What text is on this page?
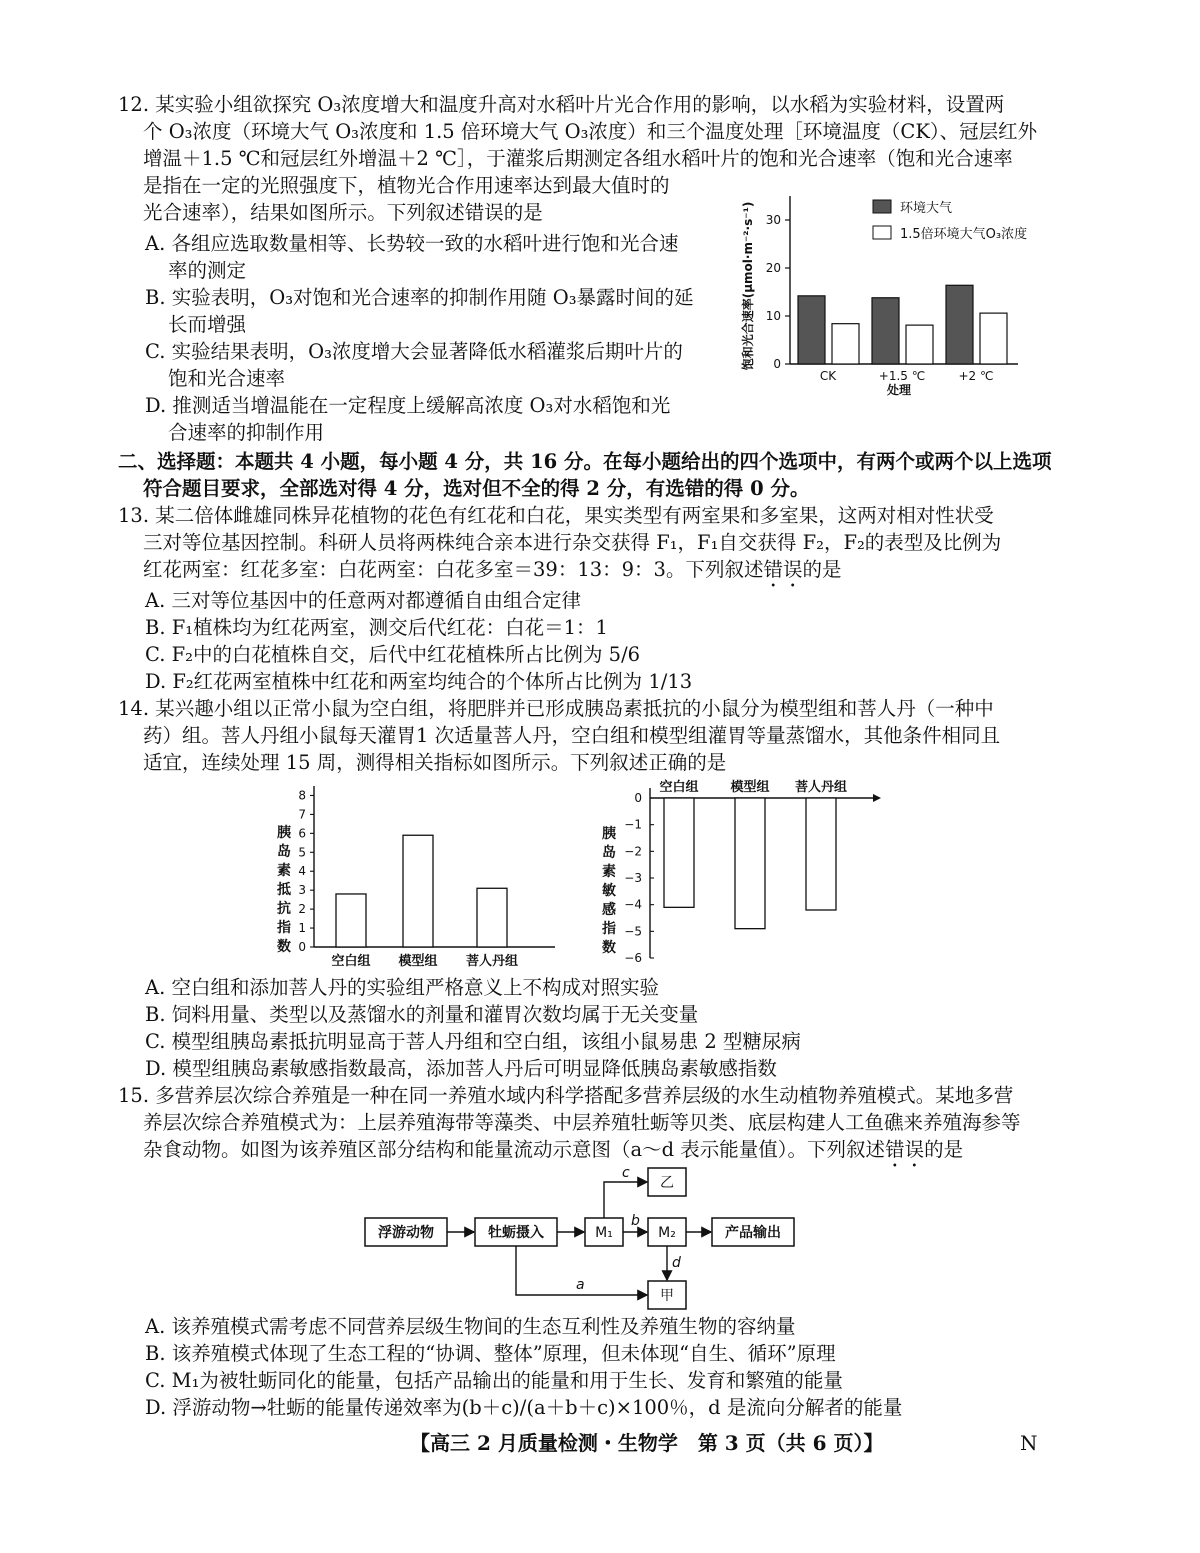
12. 某实验小组欲探究 O₃浓度增大和温度升高对水稻叶片光合作用的影响，以水稻为实验材料，设置两
个 O₃浓度（环境大气 O₃浓度和 1.5 倍环境大气 O₃浓度）和三个温度处理［环境温度（CK）、冠层红外
增温＋1.5 ℃和冠层红外增温＋2 ℃］，于灌浆后期测定各组水稻叶片的饱和光合速率（饱和光合速率
是指在一定的光照强度下，植物光合作用速率达到最大值时的
光合速率），结果如图所示。下列叙述错误的是
A. 各组应选取数量相等、长势较一致的水稻叶进行饱和光合速
率的测定
B. 实验表明，O₃对饱和光合速率的抑制作用随 O₃暴露时间的延
长而增强
C. 实验结果表明，O₃浓度增大会显著降低水稻灌浆后期叶片的
饱和光合速率
D. 推测适当增温能在一定程度上缓解高浓度 O₃对水稻饱和光
合速率的抑制作用
饱和光合速率(μmol·m⁻²·s⁻¹) 0
10
20
30
CK	+1.5 ℃	+2 ℃
处理
环境大气
1.5倍环境大气O₃浓度
二、选择题：本题共 4 小题，每小题 4 分，共 16 分。在每小题给出的四个选项中，有两个或两个以上选项
符合题目要求，全部选对得 4 分，选对但不全的得 2 分，有选错的得 0 分。
13. 某二倍体雌雄同株异花植物的花色有红花和白花，果实类型有两室果和多室果，这两对相对性状受
三对等位基因控制。科研人员将两株纯合亲本进行杂交获得 F₁，F₁自交获得 F₂，F₂的表型及比例为
红花两室：红花多室：白花两室：白花多室＝39：13：9：3。下列叙述错误的是
A. 三对等位基因中的任意两对都遵循自由组合定律
B. F₁植株均为红花两室，测交后代红花：白花＝1：1
C. F₂中的白花植株自交，后代中红花植株所占比例为 5/6
D. F₂红花两室植株中红花和两室均纯合的个体所占比例为 1/13
14. 某兴趣小组以正常小鼠为空白组，将肥胖并已形成胰岛素抵抗的小鼠分为模型组和菩人丹（一种中
药）组。菩人丹组小鼠每天灌胃1 次适量菩人丹，空白组和模型组灌胃等量蒸馏水，其他条件相同且
适宜，连续处理 15 周，测得相关指标如图所示。下列叙述正确的是
胰岛素抵抗指数 0
1
2
3
4
5
6
7
8
空白组 模型组 菩人丹组
胰岛素敏感指数
0
−1
−2
−3
−4
−5
−6
空白组 模型组 菩人丹组
A. 空白组和添加菩人丹的实验组严格意义上不构成对照实验
B. 饲料用量、类型以及蒸馏水的剂量和灌胃次数均属于无关变量
C. 模型组胰岛素抵抗明显高于菩人丹组和空白组，该组小鼠易患 2 型糖尿病
D. 模型组胰岛素敏感指数最高，添加菩人丹后可明显降低胰岛素敏感指数
15. 多营养层次综合养殖是一种在同一养殖水域内科学搭配多营养层级的水生动植物养殖模式。某地多营
养层次综合养殖模式为：上层养殖海带等藻类、中层养殖牡蛎等贝类、底层构建人工鱼礁来养殖海参等
杂食动物。如图为该养殖区部分结构和能量流动示意图（a～d 表示能量值）。下列叙述错误的是
浮游动物	牡蛎摄入	M₁	M₂
乙
甲
产品输出
c
b
d
a
A. 该养殖模式需考虑不同营养层级生物间的生态互利性及养殖生物的容纳量
B. 该养殖模式体现了生态工程的“协调、整体”原理，但未体现“自生、循环”原理
C. M₁为被牡蛎同化的能量，包括产品输出的能量和用于生长、发育和繁殖的能量
D. 浮游动物→牡蛎的能量传递效率为(b＋c)/(a＋b＋c)×100％，d 是流向分解者的能量
【高三 2 月质量检测・生物学　第 3 页（共 6 页）】	N
